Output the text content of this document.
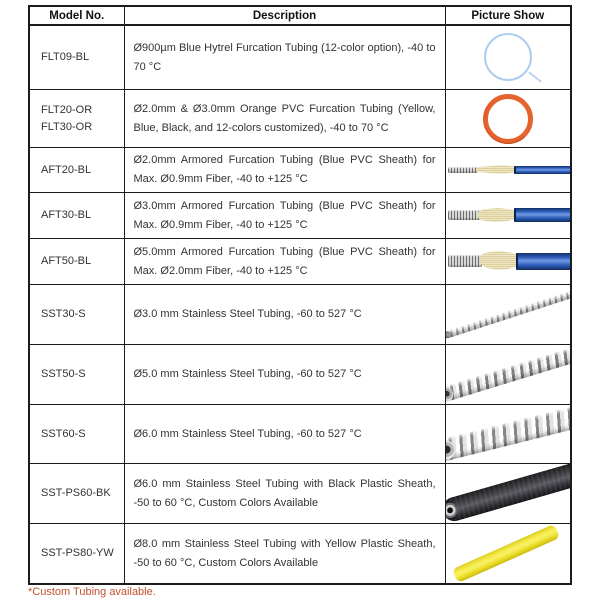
Model No.	Description	Picture Show

FLT09-BL	Ø900µm Blue Hytrel Furcation Tubing (12-color option), -40 to 70 °C	

FLT20-OR
FLT30-OR	Ø2.0mm & Ø3.0mm Orange PVC Furcation Tubing (Yellow, Blue, Black, and 12-colors customized), -40 to 70 °C	

AFT20-BL	Ø2.0mm Armored Furcation Tubing (Blue PVC Sheath) for Max. Ø0.9mm Fiber, -40 to +125 °C	

AFT30-BL	Ø3.0mm Armored Furcation Tubing (Blue PVC Sheath) for Max. Ø0.9mm Fiber, -40 to +125 °C	

AFT50-BL	Ø5.0mm Armored Furcation Tubing (Blue PVC Sheath) for Max. Ø2.0mm Fiber, -40 to +125 °C	

SST30-S	Ø3.0 mm Stainless Steel Tubing, -60 to 527 °C	

SST50-S	Ø5.0 mm Stainless Steel Tubing, -60 to 527 °C	

SST60-S	Ø6.0 mm Stainless Steel Tubing, -60 to 527 °C	

SST-PS60-BK	Ø6.0 mm Stainless Steel Tubing with Black Plastic Sheath, -50 to 60 °C, Custom Colors Available	

SST-PS80-YW	Ø8.0 mm Stainless Steel Tubing with Yellow Plastic Sheath, -50 to 60 °C, Custom Colors Available	
*Custom Tubing available.
